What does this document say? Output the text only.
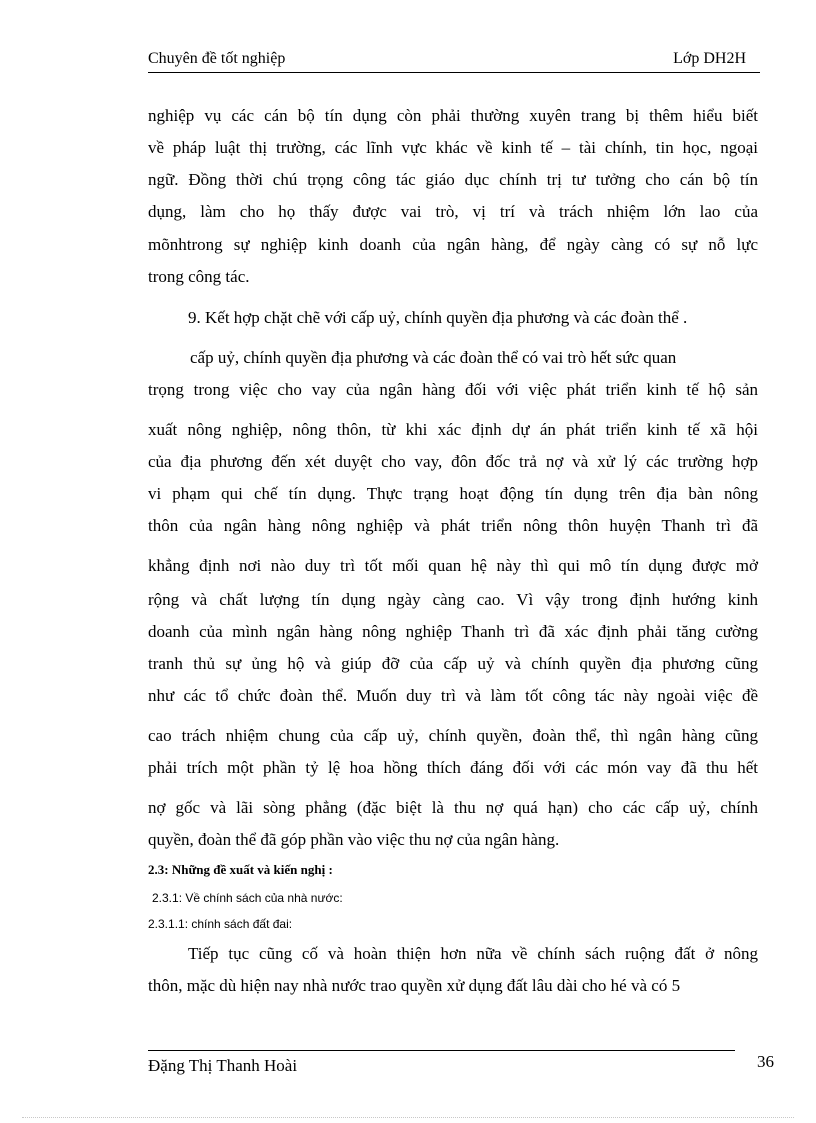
Chuyên đề tốt nghiệp	Lớp DH2H
nghiệp vụ các cán bộ tín dụng còn phải thường xuyên trang bị thêm hiểu biết
về pháp luật thị trường, các lĩnh vực khác về kinh tế – tài chính, tin học, ngoại
ngữ. Đồng thời chú trọng công tác giáo dục chính trị tư tưởng cho cán bộ tín
dụng, làm cho họ thấy được vai trò, vị trí và trách nhiệm lớn lao của
mõnhtrong sự nghiệp kinh doanh của ngân hàng, để ngày càng có sự nỗ lực
trong công tác.
9. Kết hợp chặt chẽ với cấp uỷ, chính quyền địa phương và các đoàn thể .
cấp uỷ, chính quyền địa phương và các đoàn thể có vai trò hết sức quan
trọng trong việc cho vay của ngân hàng đối với việc phát triển kinh tế hộ sản
xuất nông nghiệp, nông thôn, từ khi xác định dự án phát triển kinh tế xã hội
của địa phương đến xét duyệt cho vay, đôn đốc trả nợ và xử lý các trường hợp
vi phạm qui chế tín dụng. Thực trạng hoạt động tín dụng trên địa bàn nông
thôn của ngân hàng nông nghiệp và phát triển nông thôn huyện Thanh trì đã
khẳng định nơi nào duy trì tốt mối quan hệ này thì qui mô tín dụng được mở
rộng và chất lượng tín dụng ngày càng cao. Vì vậy trong định hướng kinh
doanh của mình ngân hàng nông nghiệp Thanh trì đã xác định phải tăng cường
tranh thủ sự ủng hộ và giúp đỡ của cấp uỷ và chính quyền địa phương cũng
như các tổ chức đoàn thể. Muốn duy trì và làm tốt công tác này ngoài việc đề
cao trách nhiệm chung của cấp uỷ, chính quyền, đoàn thể, thì ngân hàng cũng
phải trích một phần tỷ lệ hoa hồng thích đáng đối với các món vay đã thu hết
nợ gốc và lãi sòng phẳng (đặc biệt là thu nợ quá hạn) cho các cấp uỷ, chính
quyền, đoàn thể đã góp phần vào việc thu nợ của ngân hàng.
2.3: Những đề xuất và kiến nghị :
2.3.1: Về chính sách của nhà nước:
2.3.1.1: chính sách đất đai:
Tiếp tục cũng cố và hoàn thiện hơn nữa về chính sách ruộng đất ở nông
thôn, mặc dù hiện nay nhà nước trao quyền xử dụng đất lâu dài cho hé và có 5
Đặng Thị Thanh Hoài	36
